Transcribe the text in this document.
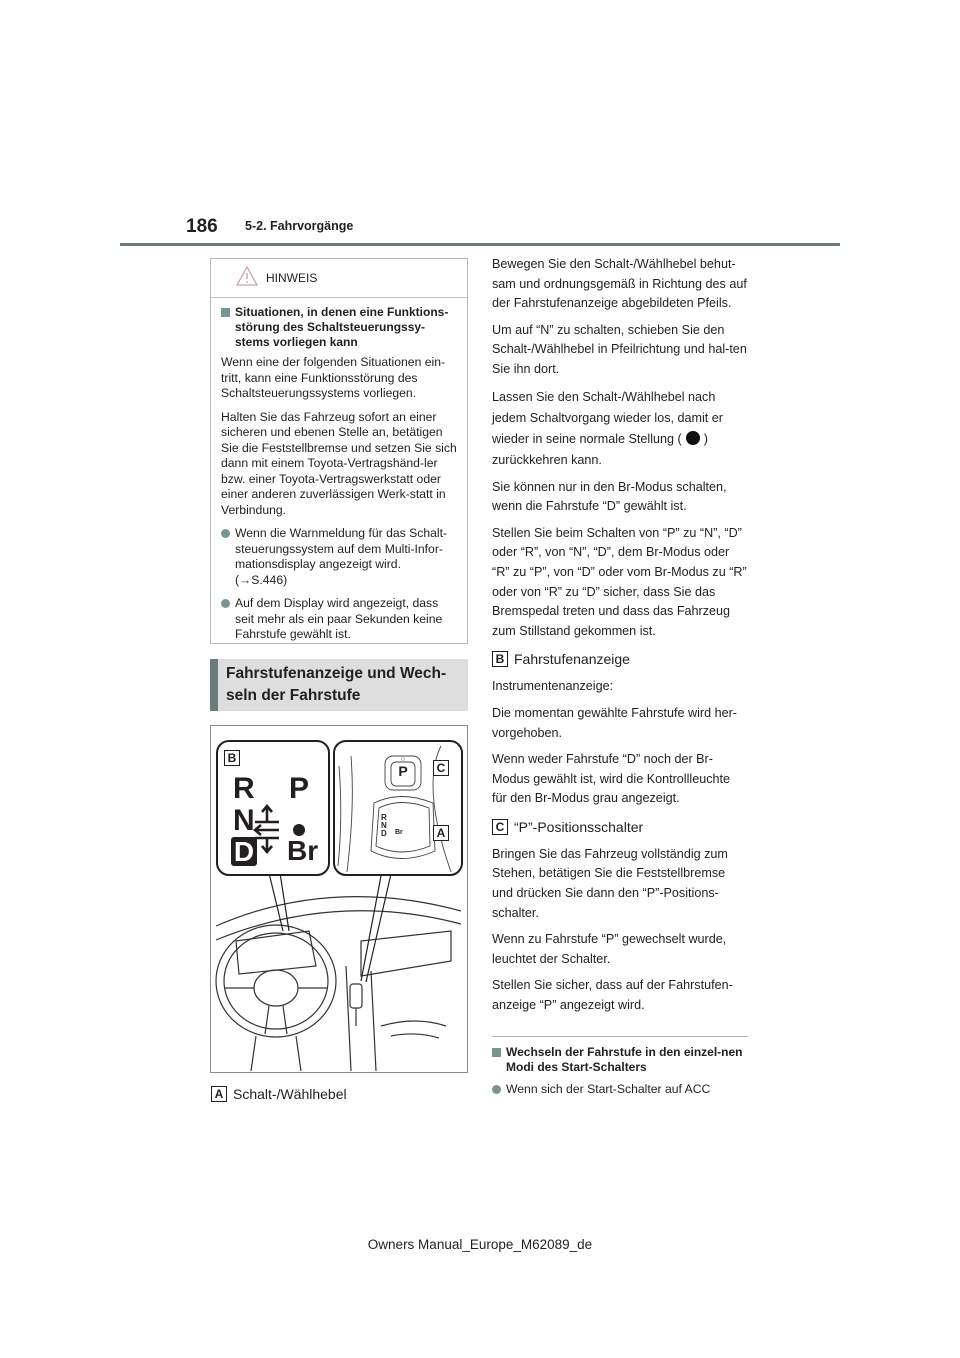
186 5-2. Fahrvorgänge
HINWEIS
Situationen, in denen eine Funktions-störung des Schaltsteuerungssy-stems vorliegen kann

Wenn eine der folgenden Situationen ein-tritt, kann eine Funktionsstörung des Schaltsteuerungssystems vorliegen.

Halten Sie das Fahrzeug sofort an einer sicheren und ebenen Stelle an, betätigen Sie die Feststellbremse und setzen Sie sich dann mit einem Toyota-Vertragshänd-ler bzw. einer Toyota-Vertragswerkstatt oder einer anderen zuverlässigen Werk-statt in Verbindung.

Wenn die Warnmeldung für das Schalt-steuerungssystem auf dem Multi-Infor-mationsdisplay angezeigt wird.
(→S.446)
Auf dem Display wird angezeigt, dass seit mehr als ein paar Sekunden keine Fahrstufe gewählt ist.
Fahrstufenanzeige und Wech-
seln der Fahrstufe
B
R P
N
D Br
○
P	C
R
N
D Br	A
A Schalt-/Wählhebel

Bewegen Sie den Schalt-/Wählhebel behut-sam und ordnungsgemäß in Richtung des auf der Fahrstufenanzeige abgebildeten Pfeils.

Um auf “N” zu schalten, schieben Sie den Schalt-/Wählhebel in Pfeilrichtung und hal-ten Sie ihn dort.

Lassen Sie den Schalt-/Wählhebel nach jedem Schaltvorgang wieder los, damit er wieder in seine normale Stellung ( ) zurückkehren kann.

Sie können nur in den Br-Modus schalten, wenn die Fahrstufe “D” gewählt ist.

Stellen Sie beim Schalten von “P” zu “N”, “D” oder “R”, von “N”, “D”, dem Br-Modus oder “R” zu “P”, von “D” oder vom Br-Modus zu “R” oder von “R” zu “D” sicher, dass Sie das Bremspedal treten und dass das Fahrzeug zum Stillstand gekommen ist.

B Fahrstufenanzeige

Instrumentenanzeige:

Die momentan gewählte Fahrstufe wird her-vorgehoben.

Wenn weder Fahrstufe “D” noch der Br-Modus gewählt ist, wird die Kontrollleuchte für den Br-Modus grau angezeigt.

C “P”-Positionsschalter

Bringen Sie das Fahrzeug vollständig zum Stehen, betätigen Sie die Feststellbremse und drücken Sie dann den “P”-Positions-schalter.

Wenn zu Fahrstufe “P” gewechselt wurde, leuchtet der Schalter.

Stellen Sie sicher, dass auf der Fahrstufen-anzeige “P” angezeigt wird.

Wechseln der Fahrstufe in den einzel-nen Modi des Start-Schalters
Wenn sich der Start-Schalter auf ACC
Owners Manual_Europe_M62089_de
